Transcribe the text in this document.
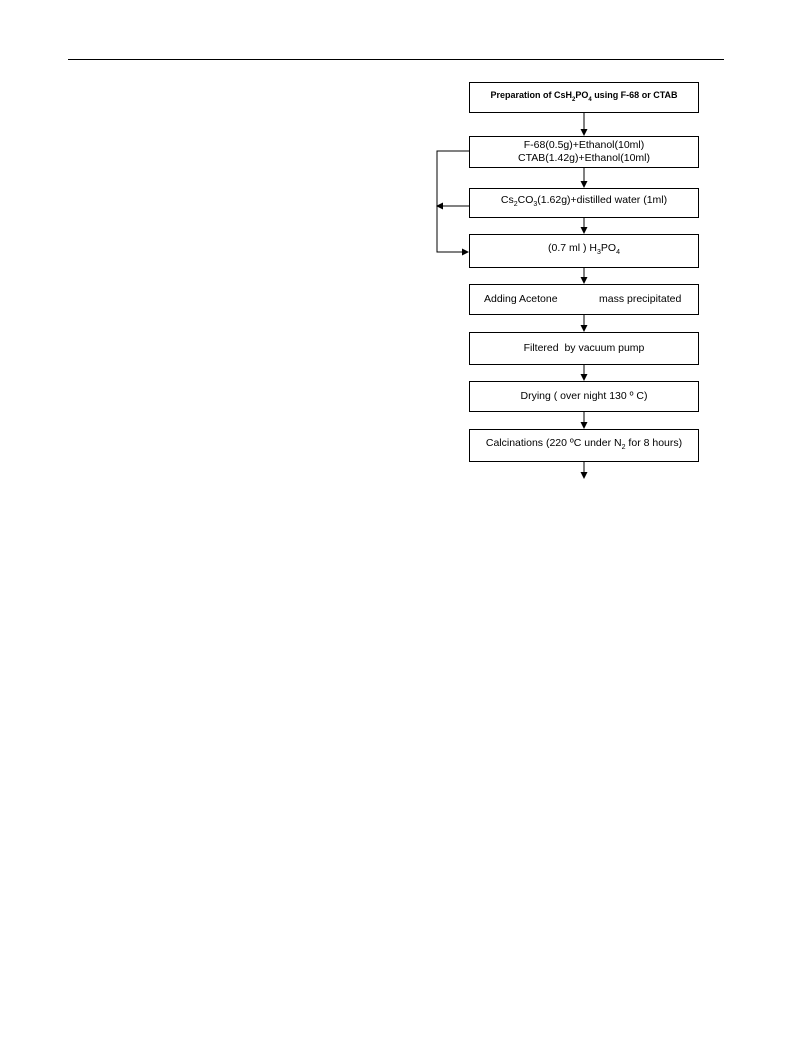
Preparation of $CsH_2PO_4$ using F-68 or CTAB
F-68(0.5g)+Ethanol(10ml)
CTAB(1.42g)+Ethanol(10ml)
$Cs_2CO_3(1.62g)+distilled$ water (1ml)
(0.7 ml ) $H_3PO_4$
Adding Acetone	mass precipitated
Filtered  by vacuum pump
Drying ( over night 130 º C)
Calcinations (220 ºC under $N_2$ for 8 hours)
